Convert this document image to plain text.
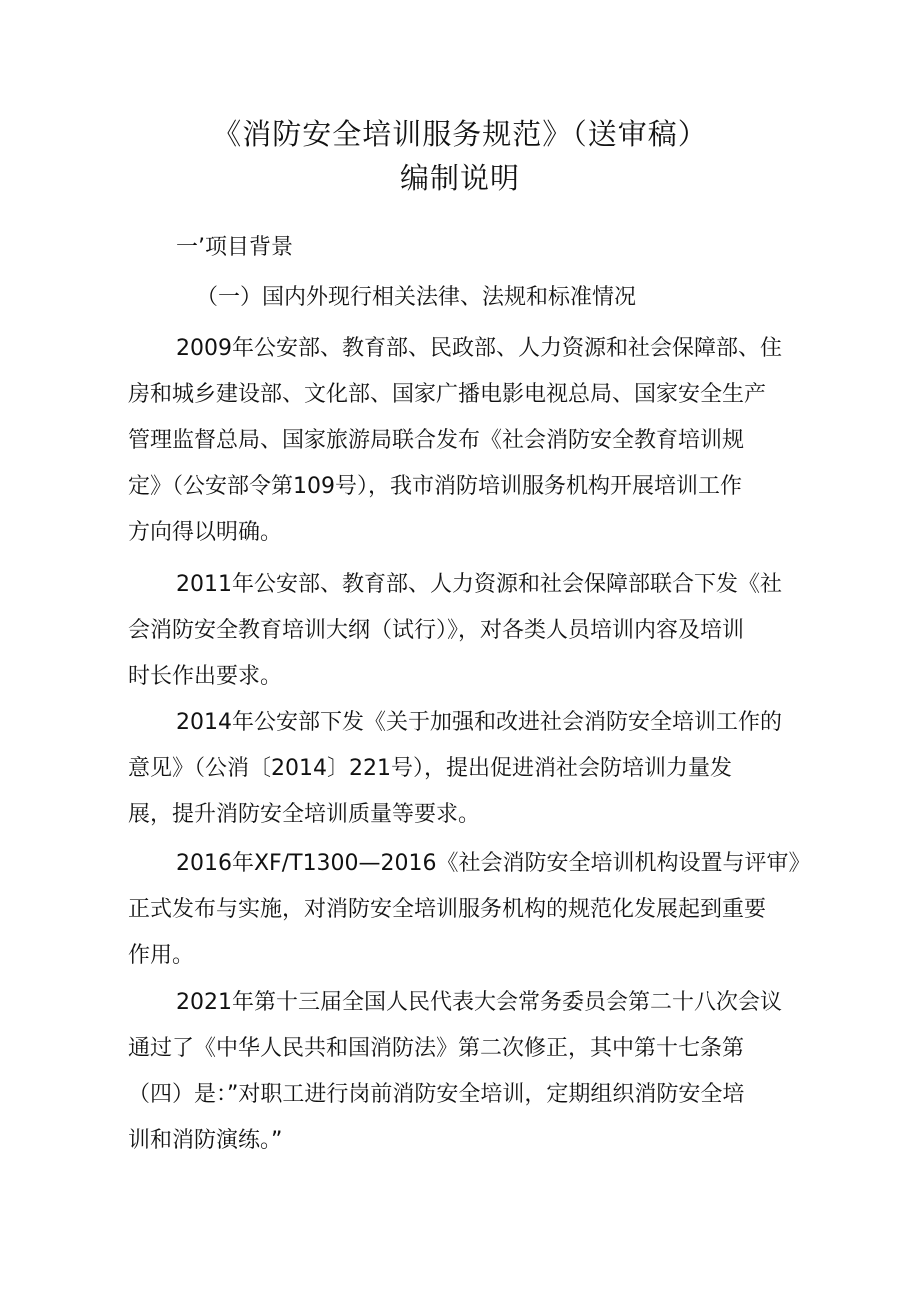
《消防安全培训服务规范》（送审稿）
编制说明
一’项目背景
（一）国内外现行相关法律、法规和标准情况
2009年公安部、教育部、民政部、人力资源和社会保障部、住
房和城乡建设部、文化部、国家广播电影电视总局、国家安全生产
管理监督总局、国家旅游局联合发布《社会消防安全教育培训规
定》（公安部令第109号），我市消防培训服务机构开展培训工作
方向得以明确。
2011年公安部、教育部、人力资源和社会保障部联合下发《社
会消防安全教育培训大纲（试行）》，对各类人员培训内容及培训
时长作出要求。
2014年公安部下发《关于加强和改进社会消防安全培训工作的
意见》（公消〔2014〕221号），提出促进消社会防培训力量发
展，提升消防安全培训质量等要求。
2016年XF/T1300—2016《社会消防安全培训机构设置与评审》
正式发布与实施，对消防安全培训服务机构的规范化发展起到重要
作用。
2021年第十三届全国人民代表大会常务委员会第二十八次会议
通过了《中华人民共和国消防法》第二次修正，其中第十七条第
（四）是：”对职工进行岗前消防安全培训，定期组织消防安全培
训和消防演练。”
